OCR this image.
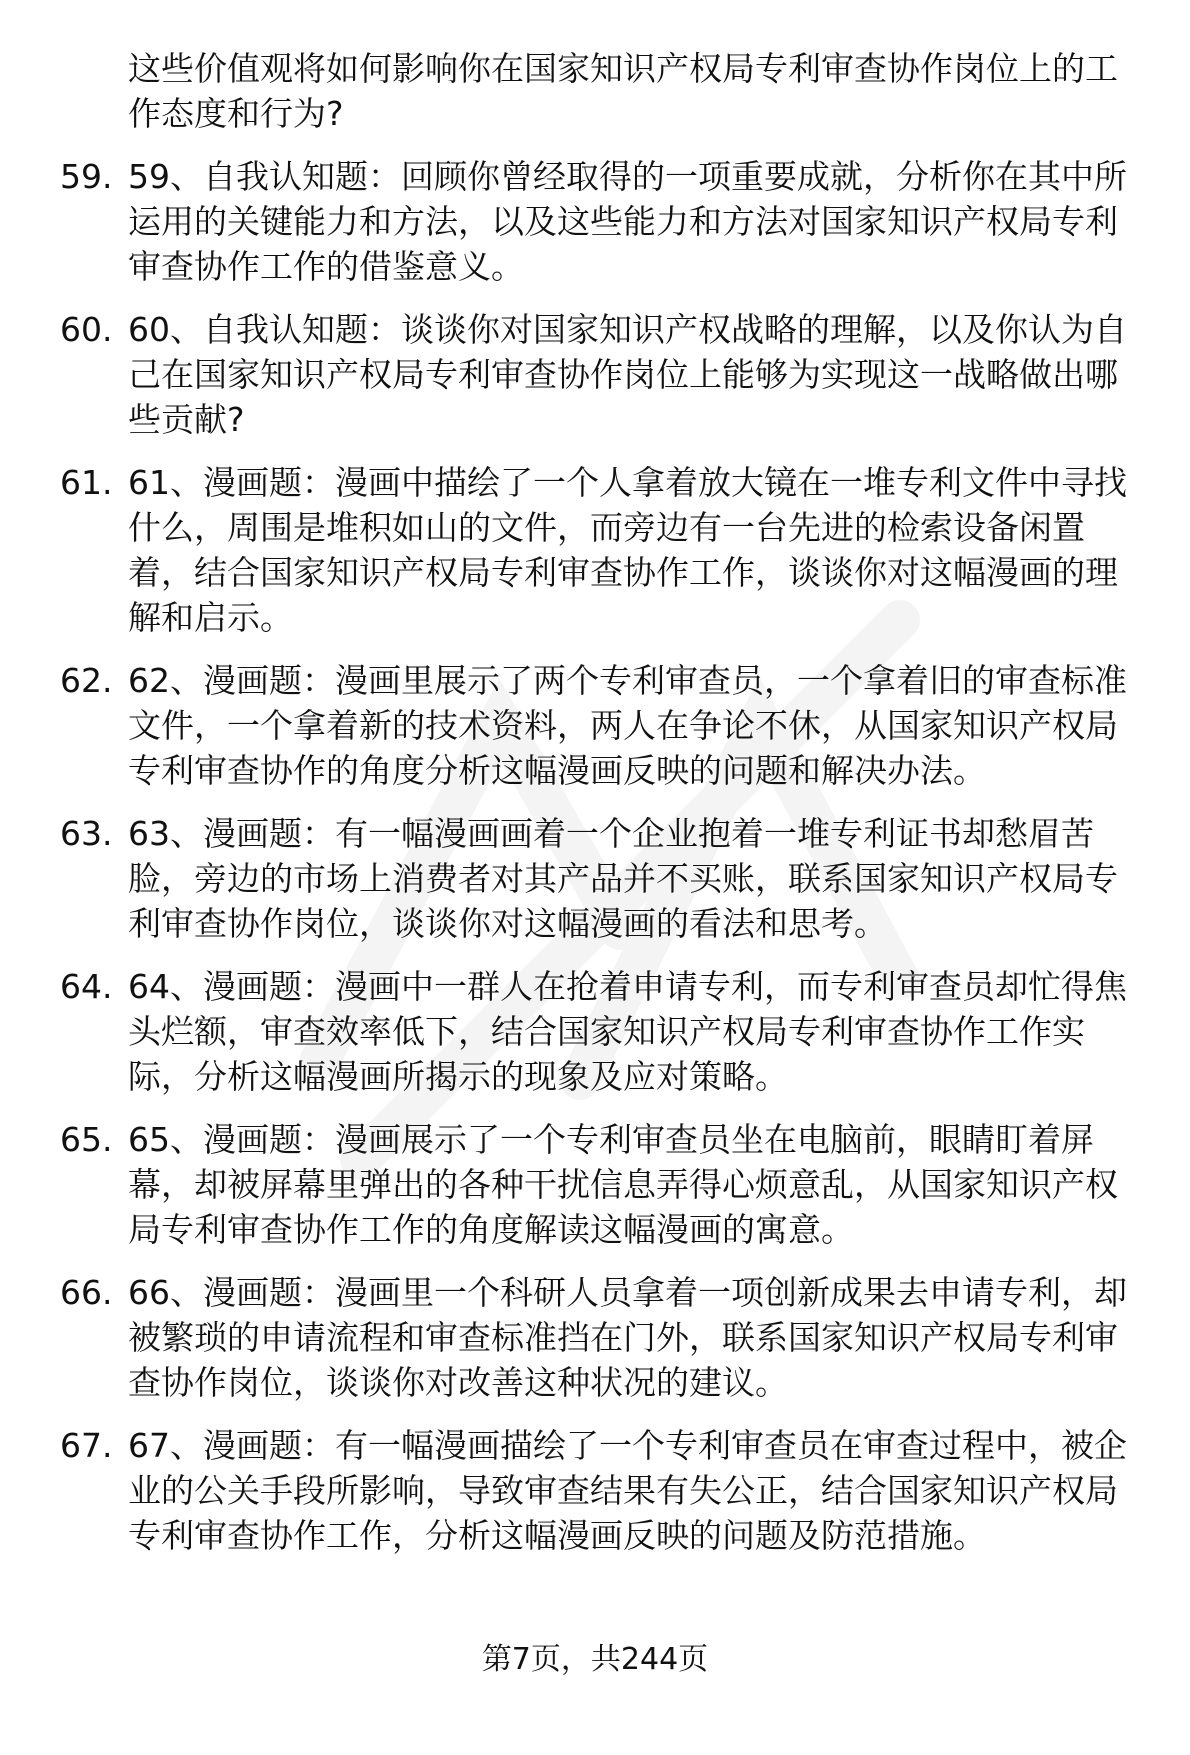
这些价值观将如何影响你在国家知识产权局专利审查协作岗位上的工作态度和行为?
59. 59、自我认知题：回顾你曾经取得的一项重要成就，分析你在其中所运用的关键能力和方法，以及这些能力和方法对国家知识产权局专利审查协作工作的借鉴意义。
60. 60、自我认知题：谈谈你对国家知识产权战略的理解，以及你认为自己在国家知识产权局专利审查协作岗位上能够为实现这一战略做出哪些贡献?
61. 61、漫画题：漫画中描绘了一个人拿着放大镜在一堆专利文件中寻找什么，周围是堆积如山的文件，而旁边有一台先进的检索设备闲置着，结合国家知识产权局专利审查协作工作，谈谈你对这幅漫画的理解和启示。
62. 62、漫画题：漫画里展示了两个专利审查员，一个拿着旧的审查标准文件，一个拿着新的技术资料，两人在争论不休，从国家知识产权局专利审查协作的角度分析这幅漫画反映的问题和解决办法。
63. 63、漫画题：有一幅漫画画着一个企业抱着一堆专利证书却愁眉苦脸，旁边的市场上消费者对其产品并不买账，联系国家知识产权局专利审查协作岗位，谈谈你对这幅漫画的看法和思考。
64. 64、漫画题：漫画中一群人在抢着申请专利，而专利审查员却忙得焦头烂额，审查效率低下，结合国家知识产权局专利审查协作工作实际，分析这幅漫画所揭示的现象及应对策略。
65. 65、漫画题：漫画展示了一个专利审查员坐在电脑前，眼睛盯着屏幕，却被屏幕里弹出的各种干扰信息弄得心烦意乱，从国家知识产权局专利审查协作工作的角度解读这幅漫画的寓意。
66. 66、漫画题：漫画里一个科研人员拿着一项创新成果去申请专利，却被繁琐的申请流程和审查标准挡在门外，联系国家知识产权局专利审查协作岗位，谈谈你对改善这种状况的建议。
67. 67、漫画题：有一幅漫画描绘了一个专利审查员在审查过程中，被企业的公关手段所影响，导致审查结果有失公正，结合国家知识产权局专利审查协作工作，分析这幅漫画反映的问题及防范措施。
第7页，共244页
